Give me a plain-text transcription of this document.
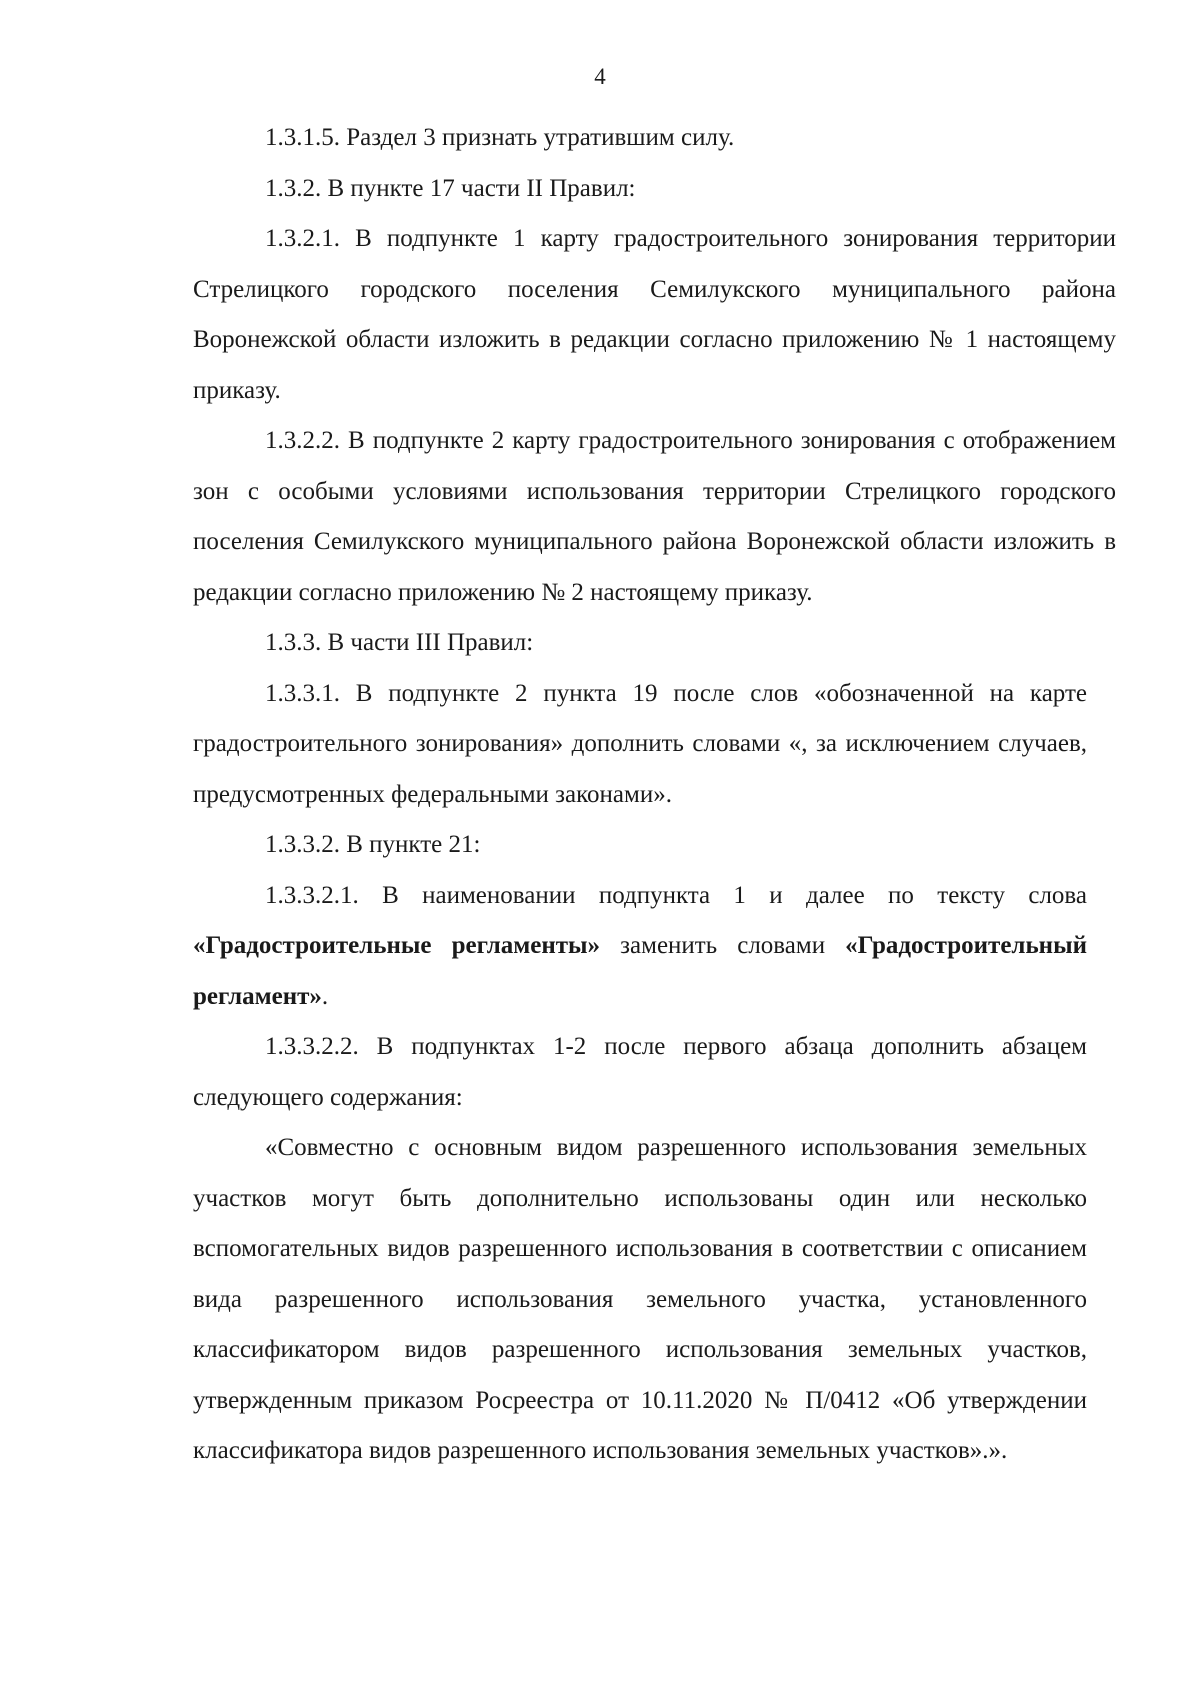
4

1.3.1.5. Раздел 3 признать утратившим силу.

1.3.2. В пункте 17 части II Правил:

1.3.2.1. В подпункте 1 карту градостроительного зонирования территории Стрелицкого городского поселения Семилукского муниципального района Воронежской области изложить в редакции согласно приложению № 1 настоящему приказу.

1.3.2.2. В подпункте 2 карту градостроительного зонирования с отображением зон с особыми условиями использования территории Стрелицкого городского поселения Семилукского муниципального района Воронежской области изложить в редакции согласно приложению № 2 настоящему приказу.

1.3.3. В части III Правил:

1.3.3.1. В подпункте 2 пункта 19 после слов «обозначенной на карте градостроительного зонирования» дополнить словами «, за исключением случаев, предусмотренных федеральными законами».

1.3.3.2. В пункте 21:

1.3.3.2.1. В наименовании подпункта 1 и далее по тексту слова «Градостроительные регламенты» заменить словами «Градостроительный регламент».

1.3.3.2.2. В подпунктах 1-2 после первого абзаца дополнить абзацем следующего содержания:

«Совместно с основным видом разрешенного использования земельных участков могут быть дополнительно использованы один или несколько вспомогательных видов разрешенного использования в соответствии с описанием вида разрешенного использования земельного участка, установленного классификатором видов разрешенного использования земельных участков, утвержденным приказом Росреестра от 10.11.2020 № П/0412 «Об утверждении классификатора видов разрешенного использования земельных участков».».
